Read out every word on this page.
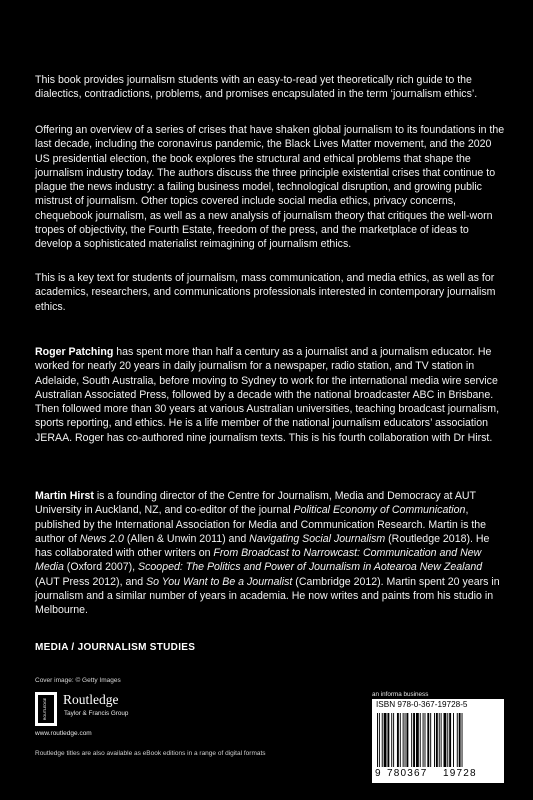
This book provides journalism students with an easy-to-read yet theoretically rich guide to the dialectics, contradictions, problems, and promises encapsulated in the term ‘journalism ethics’.

Offering an overview of a series of crises that have shaken global journalism to its foundations in the last decade, including the coronavirus pandemic, the Black Lives Matter movement, and the 2020 US presidential election, the book explores the structural and ethical problems that shape the journalism industry today. The authors discuss the three principle existential crises that continue to plague the news industry: a failing business model, technological disruption, and growing public mistrust of journalism. Other topics covered include social media ethics, privacy concerns, chequebook journalism, as well as a new analysis of journalism theory that critiques the well-worn tropes of objectivity, the Fourth Estate, freedom of the press, and the marketplace of ideas to develop a sophisticated materialist reimagining of journalism ethics.

This is a key text for students of journalism, mass communication, and media ethics, as well as for academics, researchers, and communications professionals interested in contemporary journalism ethics.

Roger Patching has spent more than half a century as a journalist and a journalism educator. He worked for nearly 20 years in daily journalism for a newspaper, radio station, and TV station in Adelaide, South Australia, before moving to Sydney to work for the international media wire service Australian Associated Press, followed by a decade with the national broadcaster ABC in Brisbane. Then followed more than 30 years at various Australian universities, teaching broadcast journalism, sports reporting, and ethics. He is a life member of the national journalism educators’ association JERAA. Roger has co-authored nine journalism texts. This is his fourth collaboration with Dr Hirst.

Martin Hirst is a founding director of the Centre for Journalism, Media and Democracy at AUT University in Auckland, NZ, and co-editor of the journal Political Economy of Communication, published by the International Association for Media and Communication Research. Martin is the author of News 2.0 (Allen & Unwin 2011) and Navigating Social Journalism (Routledge 2018). He has collaborated with other writers on From Broadcast to Narrowcast: Communication and New Media (Oxford 2007), Scooped: The Politics and Power of Journalism in Aotearoa New Zealand (AUT Press 2012), and So You Want to Be a Journalist (Cambridge 2012). Martin spent 20 years in journalism and a similar number of years in academia. He now writes and paints from his studio in Melbourne.

MEDIA / JOURNALISM STUDIES

Cover image: © Getty Images
ROUTLEDGE Routledge
Taylor & Francis Group
www.routledge.com
Routledge titles are also available as eBook editions in a range of digital formats
an informa business
ISBN 978-0-367-19728-5
9 780367 19728
